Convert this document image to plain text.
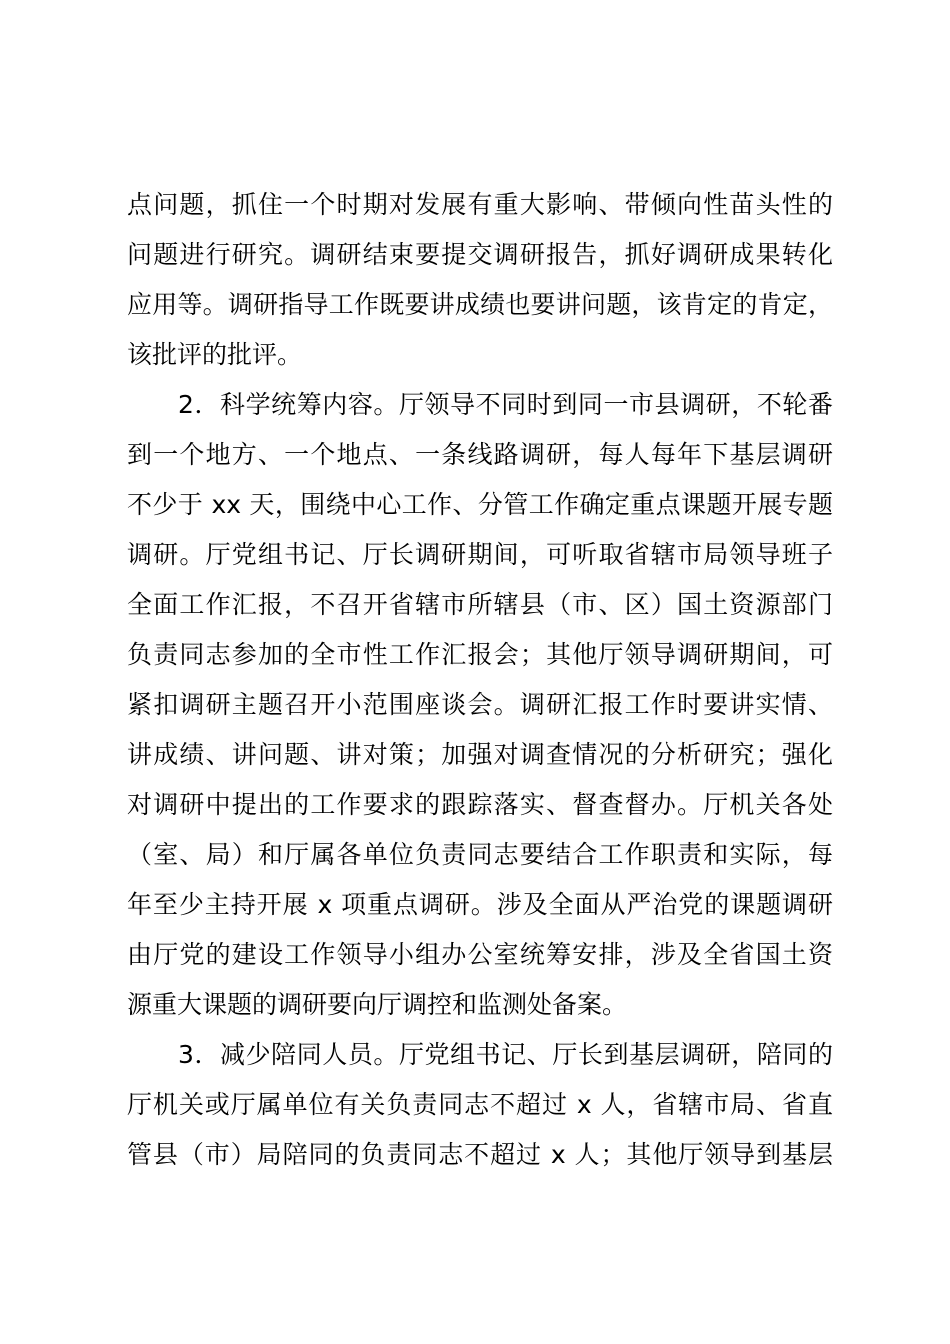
点问题，抓住一个时期对发展有重大影响、带倾向性苗头性的
问题进行研究。调研结束要提交调研报告，抓好调研成果转化
应用等。调研指导工作既要讲成绩也要讲问题，该肯定的肯定，
该批评的批评。
2．科学统筹内容。厅领导不同时到同一市县调研，不轮番
到一个地方、一个地点、一条线路调研，每人每年下基层调研
不少于 xx 天，围绕中心工作、分管工作确定重点课题开展专题
调研。厅党组书记、厅长调研期间，可听取省辖市局领导班子
全面工作汇报，不召开省辖市所辖县（市、区）国土资源部门
负责同志参加的全市性工作汇报会；其他厅领导调研期间，可
紧扣调研主题召开小范围座谈会。调研汇报工作时要讲实情、
讲成绩、讲问题、讲对策；加强对调查情况的分析研究；强化
对调研中提出的工作要求的跟踪落实、督查督办。厅机关各处
（室、局）和厅属各单位负责同志要结合工作职责和实际，每
年至少主持开展 x 项重点调研。涉及全面从严治党的课题调研
由厅党的建设工作领导小组办公室统筹安排，涉及全省国土资
源重大课题的调研要向厅调控和监测处备案。
3．减少陪同人员。厅党组书记、厅长到基层调研，陪同的
厅机关或厅属单位有关负责同志不超过 x 人，省辖市局、省直
管县（市）局陪同的负责同志不超过 x 人；其他厅领导到基层
